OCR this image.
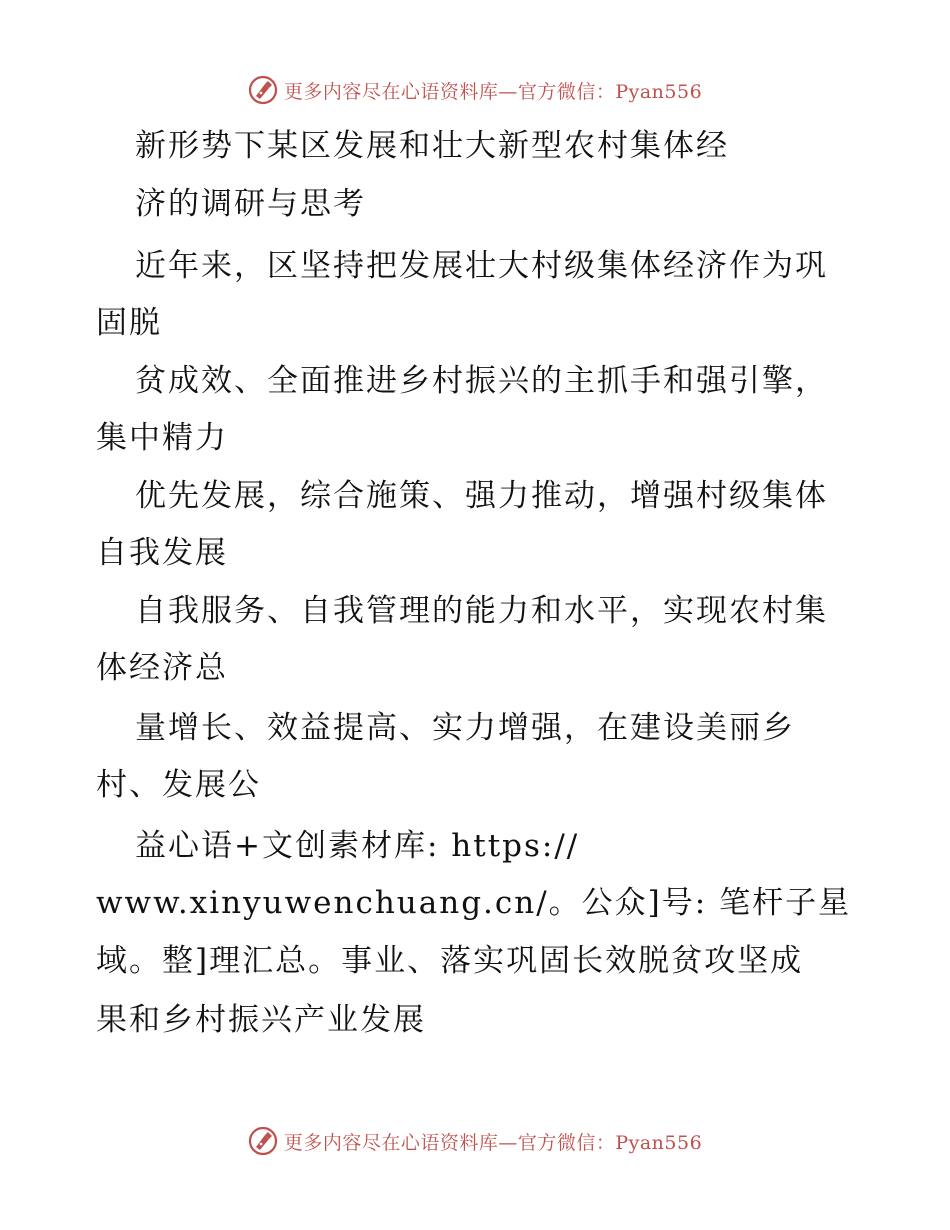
更多内容尽在心语资料库—官方微信：Pyan556
新形势下某区发展和壮大新型农村集体经
济的调研与思考
近年来，区坚持把发展壮大村级集体经济作为巩
固脱
贫成效、全面推进乡村振兴的主抓手和强引擎，
集中精力
优先发展，综合施策、强力推动，增强村级集体
自我发展
自我服务、自我管理的能力和水平，实现农村集
体经济总
量增长、效益提高、实力增强，在建设美丽乡
村、发展公
益心语+文创素材库: https://
www.xinyuwenchuang.cn/。公众]号: 笔杆子星
域。整]理汇总。事业、落实巩固长效脱贫攻坚成
果和乡村振兴产业发展
更多内容尽在心语资料库—官方微信：Pyan556
